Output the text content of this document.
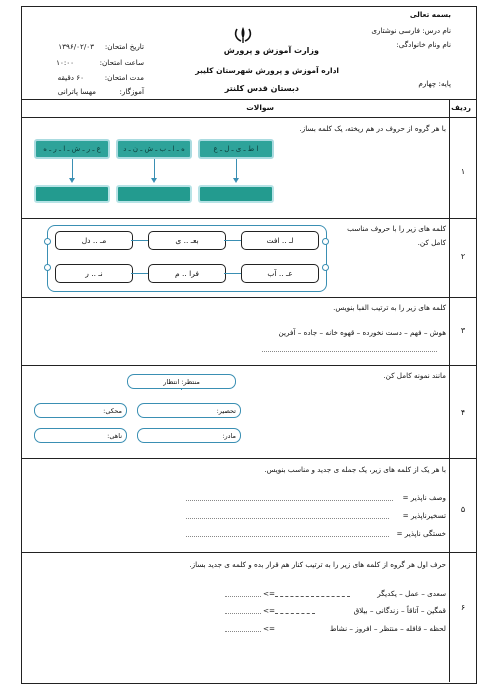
بسمه تعالی
نام درس: فارسی نوشتاری
نام ونام خانوادگی:
پایه: چهارم
وزارت آموزش و پرورش
اداره آموزش و پرورش شهرستان کلیبر
دبستان قدس کلنتر
تاریخ امتحان:
۱۳۹۶/۰۲/۰۳
ساعت امتحان:
۱۰:۰۰
مدت امتحان:
۶۰ دقیقه
آموزگار:
مهسا پاترانی
ردیف
سوالات
۱
با هر گروه از حروف در هم ریخته، یک کلمه بساز.
ا ط ـ ی ـ ل ـ ع
ه ـ ا ـ ب ـ ش ـ ن ـ د
ع ـ ر ـ ش ـ ا ـ ر ـ ه
۲
کلمه های زیر را با حروف مناسب
کامل کن.
لـ .. افت
بعـ .. ی
مـ .. دل
عـ .. آب
فرا .. م
نـ .. ر
۳
کلمه های زیر را به ترتیب الفبا بنویس.
هوش – فهم – دست نخورده – قهوه خانه – جاده – آفرین
۴
مانند نمونه کامل کن.
منتظر: انتظار
تحصیر:
محکی:
مادر:
ناهی:
۵
با هر یک از کلمه های زیر، یک جمله ی جدید و مناسب بنویس.
وصف ناپذیر =
تسخیرناپذیر =
خستگی ناپذیر =
۶
حرف اول هر گروه از کلمه های زیر را به ترتیب کنار هم قرار بده و کلمه ی جدید بساز.
سعدی – عمل – یکدیگر
=>
قمگین – آتاقاً – زندگانی – بیلاق
=>
لحظه – قافله – منتظر – افروز – نشاط
=>
